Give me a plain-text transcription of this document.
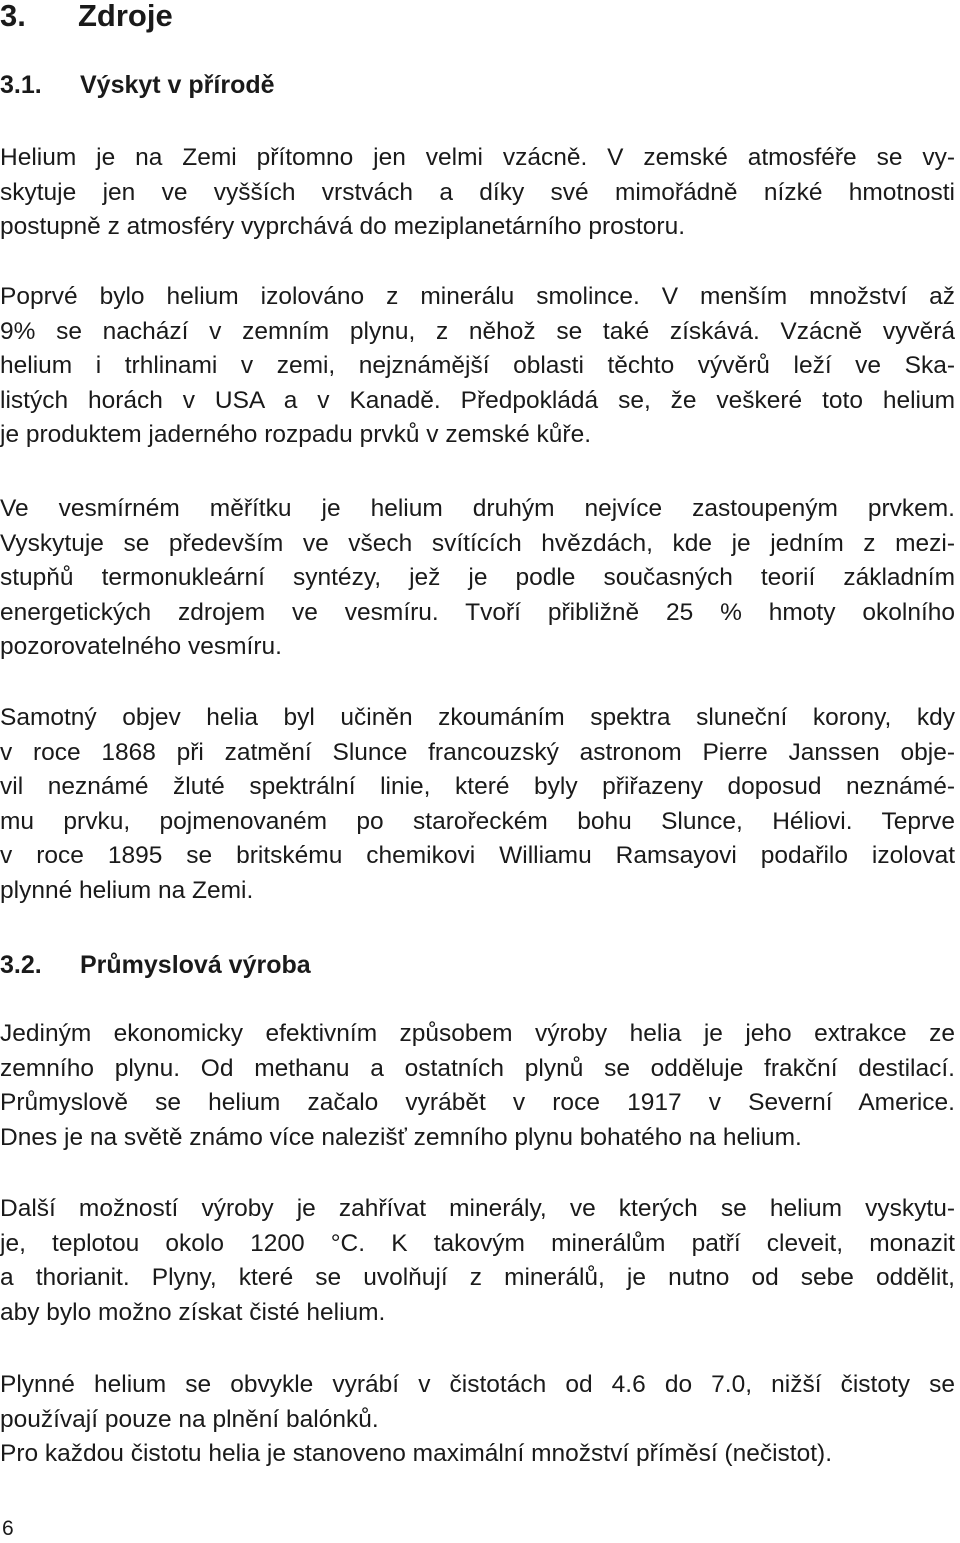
3. Zdroje
3.1. Výskyt v přírodě
Helium je na Zemi přítomno jen velmi vzácně. V zemské atmosféře se vy-
skytuje jen ve vyšších vrstvách a díky své mimořádně nízké hmotnosti
postupně z atmosféry vyprchává do meziplanetárního prostoru.
Poprvé bylo helium izolováno z minerálu smolince. V menším množství až
9% se nachází v zemním plynu, z něhož se také získává. Vzácně vyvěrá
helium i trhlinami v zemi, nejznámější oblasti těchto vývěrů leží ve Ska-
listých horách v USA a v Kanadě. Předpokládá se, že veškeré toto helium
je produktem jaderného rozpadu prvků v zemské kůře.
Ve vesmírném měřítku je helium druhým nejvíce zastoupeným prvkem.
Vyskytuje se především ve všech svítících hvězdách, kde je jedním z mezi-
stupňů termonukleární syntézy, jež je podle současných teorií základním
energetických zdrojem ve vesmíru. Tvoří přibližně 25 % hmoty okolního
pozorovatelného vesmíru.
Samotný objev helia byl učiněn zkoumáním spektra sluneční korony, kdy
v roce 1868 při zatmění Slunce francouzský astronom Pierre Janssen obje-
vil neznámé žluté spektrální linie, které byly přiřazeny doposud neznámé-
mu prvku, pojmenovaném po starořeckém bohu Slunce, Héliovi. Teprve
v roce 1895 se britskému chemikovi Williamu Ramsayovi podařilo izolovat
plynné helium na Zemi.
3.2. Průmyslová výroba
Jediným ekonomicky efektivním způsobem výroby helia je jeho extrakce ze
zemního plynu. Od methanu a ostatních plynů se odděluje frakční destilací.
Průmyslově se helium začalo vyrábět v roce 1917 v Severní Americe.
Dnes je na světě známo více nalezišť zemního plynu bohatého na helium.
Další možností výroby je zahřívat minerály, ve kterých se helium vyskytu-
je, teplotou okolo 1200 °C. K takovým minerálům patří cleveit, monazit
a thorianit. Plyny, které se uvolňují z minerálů, je nutno od sebe oddělit,
aby bylo možno získat čisté helium.
Plynné helium se obvykle vyrábí v čistotách od 4.6 do 7.0, nižší čistoty se
používají pouze na plnění balónků.
Pro každou čistotu helia je stanoveno maximální množství příměsí (nečistot).
6
